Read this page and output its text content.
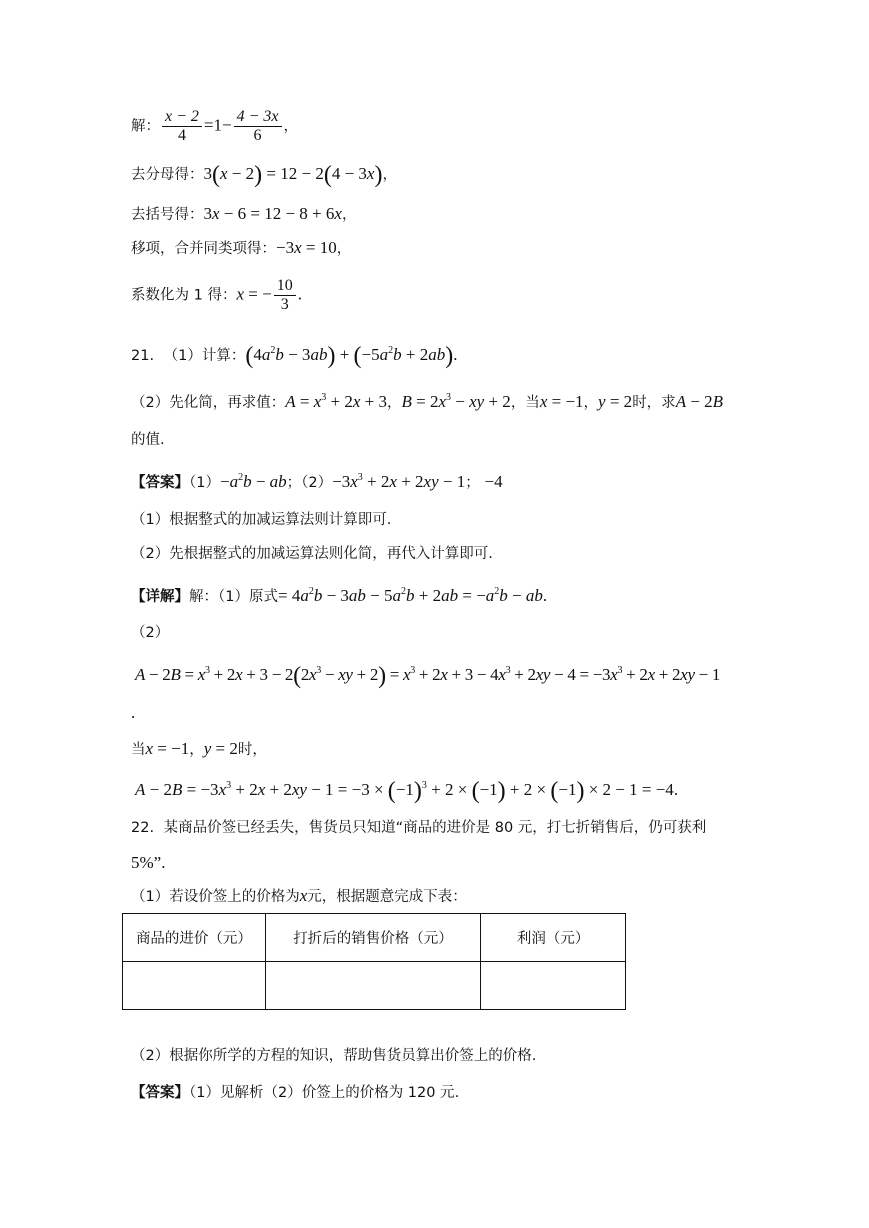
解： $\frac{x - 2}{4} =1- \frac{4 - 3x}{6}$ ，
去分母得：3(x − 2) = 12 − 2(4 − 3x)，
去括号得：3x − 6 = 12 − 8 + 6x，
移项，合并同类项得：−3x = 10，
系数化为 1 得：x = − $\frac{10}{3}$ .
21. （1）计算：$(4a^2b - 3ab) + (-5a^2b + 2ab)$.
（2）先化简，再求值：$A = x^3 + 2x + 3$，$B = 2x^3$ − xy + 2，当x = −1，y = 2时，求A − 2B
的值.
【答案】$(1)-a^2b$ − ab；$(2)-3x^3 + 2x + 2xy - 1$； −4
（1）根据整式的加减运算法则计算即可.
（2）先根据整式的加减运算法则化简，再代入计算即可.
【详解】解：（1）原式= $4a^2b - 3ab - 5a^2b + 2ab = -a^2b$ − ab.
（2）
$A - 2B = x^3 + 2x + 3 - 2(2x^3$ − xy + $2) = x^3 + 2x + 3 - 4x^3 + 2xy - 4 = -3x^3 + 2x + 2xy - 1$
.
当x = −1，y = 2时，
$A - 2B = -3x^3 + 2x + 2xy - 1 = -3 \times (-1)^3 + 2 \times (-1) + 2 \times (-1) \times 2 - 1 = -4$.
22. 某商品价签已经丢失，售货员只知道“商品的进价是 80 元，打七折销售后，仍可获利
5%”.
（1）若设价签上的价格为x元，根据题意完成下表：
商品的进价（元）	打折后的销售价格（元）	利润（元）

（2）根据你所学的方程的知识，帮助售货员算出价签上的价格.
【答案】（1）见解析（2）价签上的价格为 120 元.
